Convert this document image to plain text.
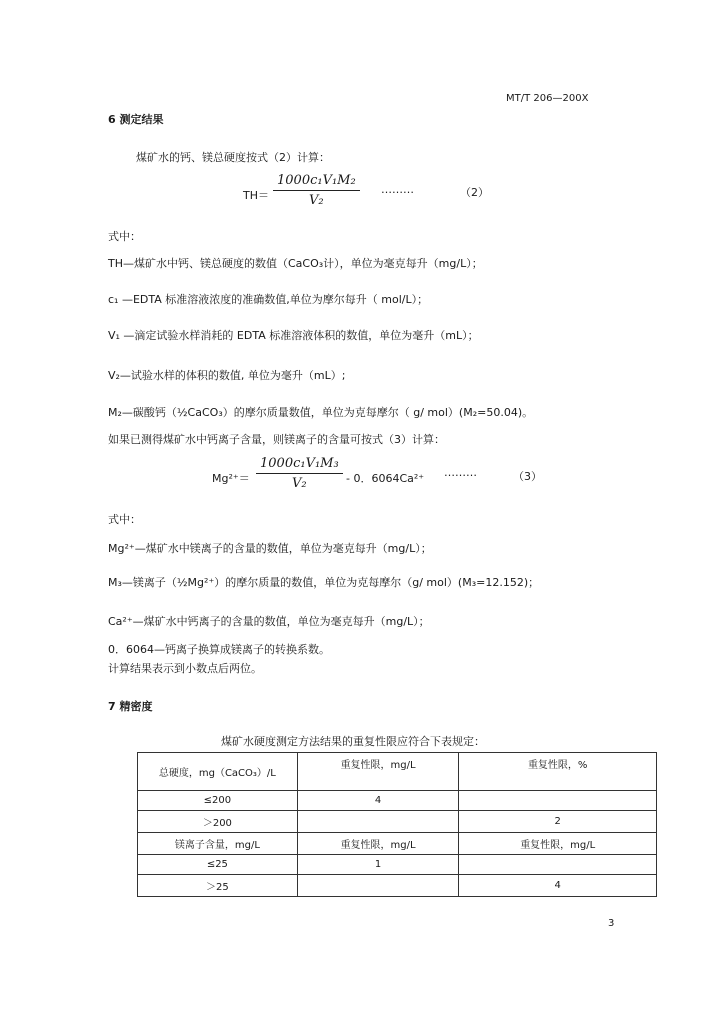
MT/T 206—200X
6 测定结果
煤矿水的钙、镁总硬度按式（2）计算：
$TH= \frac{\text{1000c₁V₁M₂}}{\text{V₂}}$ ………	（2）
式中：
TH—煤矿水中钙、镁总硬度的数值（CaCO₃计），单位为毫克每升（mg/L）；
c₁ —EDTA 标准溶液浓度的准确数值,单位为摩尔每升（ mol/L）；
V₁ —滴定试验水样消耗的 EDTA 标准溶液体积的数值，单位为毫升（mL）；
V₂—试验水样的体积的数值, 单位为毫升（mL）;
M₂—碳酸钙（½CaCO₃）的摩尔质量数值，单位为克每摩尔（ g/ mol）(M₂=50.04)。
如果已测得煤矿水中钙离子含量，则镁离子的含量可按式（3）计算：
$Mg^{2+}= \frac{\text{1000c₁V₁M₃}}{\text{V₂}} - 0$．6064Ca²⁺ ………	（3）
式中：
Mg²⁺—煤矿水中镁离子的含量的数值，单位为毫克每升（mg/L）；
M₃—镁离子（½Mg²⁺）的摩尔质量的数值，单位为克每摩尔（g/ mol）(M₃=12.152)；
Ca²⁺—煤矿水中钙离子的含量的数值，单位为毫克每升（mg/L）；
0．6064—钙离子换算成镁离子的转换系数。
计算结果表示到小数点后两位。
7 精密度
煤矿水硬度测定方法结果的重复性限应符合下表规定：
总硬度，mg（CaCO₃）/L	重复性限，mg/L	重复性限，%
≤200	4	
＞200		2
镁离子含量，mg/L	重复性限，mg/L	重复性限，mg/L
≤25	1	
＞25		4
3
